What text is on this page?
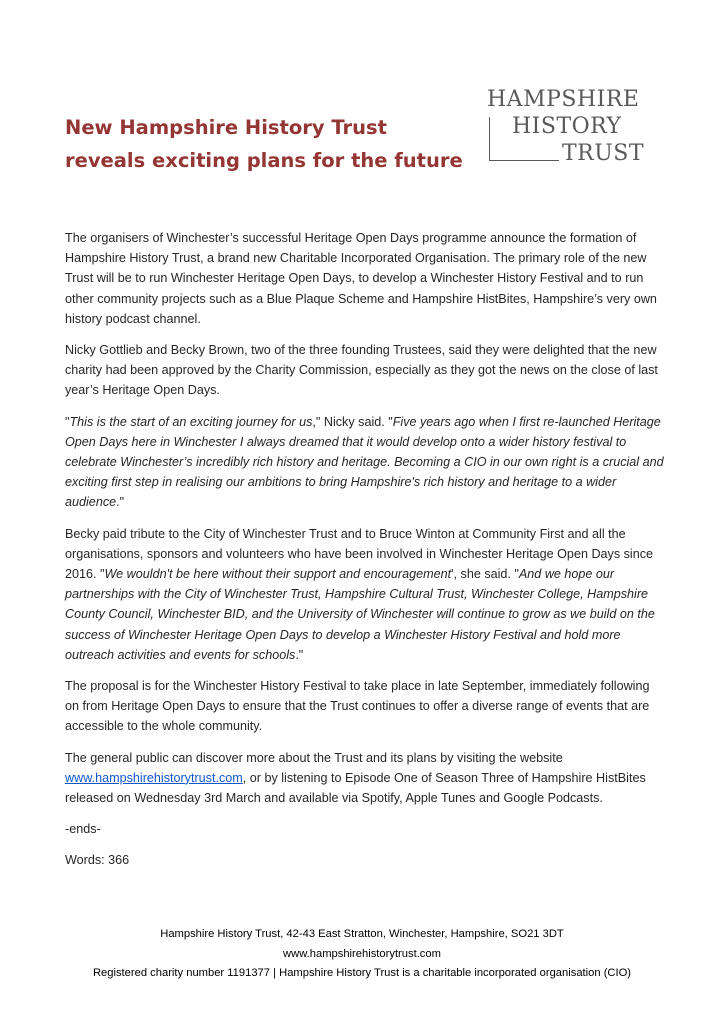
New Hampshire History Trust
reveals exciting plans for the future
HAMPSHIRE
HISTORY
TRUST

The organisers of Winchester’s successful Heritage Open Days programme announce the formation of Hampshire History Trust, a brand new Charitable Incorporated Organisation. The primary role of the new Trust will be to run Winchester Heritage Open Days, to develop a Winchester History Festival and to run other community projects such as a Blue Plaque Scheme and Hampshire HistBites, Hampshire’s very own history podcast channel.

Nicky Gottlieb and Becky Brown, two of the three founding Trustees, said they were delighted that the new charity had been approved by the Charity Commission, especially as they got the news on the close of last year’s Heritage Open Days.

"This is the start of an exciting journey for us," Nicky said. "Five years ago when I first re-launched Heritage Open Days here in Winchester I always dreamed that it would develop onto a wider history festival to celebrate Winchester’s incredibly rich history and heritage. Becoming a CIO in our own right is a crucial and exciting first step in realising our ambitions to bring Hampshire's rich history and heritage to a wider audience."

Becky paid tribute to the City of Winchester Trust and to Bruce Winton at Community First and all the organisations, sponsors and volunteers who have been involved in Winchester Heritage Open Days since 2016. "We wouldn't be here without their support and encouragement', she said. "And we hope our partnerships with the City of Winchester Trust, Hampshire Cultural Trust, Winchester College, Hampshire County Council, Winchester BID, and the University of Winchester will continue to grow as we build on the success of Winchester Heritage Open Days to develop a Winchester History Festival and hold more outreach activities and events for schools."

The proposal is for the Winchester History Festival to take place in late September, immediately following on from Heritage Open Days to ensure that the Trust continues to offer a diverse range of events that are accessible to the whole community.

The general public can discover more about the Trust and its plans by visiting the website www.hampshirehistorytrust.com, or by listening to Episode One of Season Three of Hampshire HistBites released on Wednesday 3rd March and available via Spotify, Apple Tunes and Google Podcasts.

-ends-

Words: 366

Hampshire History Trust, 42-43 East Stratton, Winchester, Hampshire, SO21 3DT
www.hampshirehistorytrust.com
Registered charity number 1191377 | Hampshire History Trust is a charitable incorporated organisation (CIO)
